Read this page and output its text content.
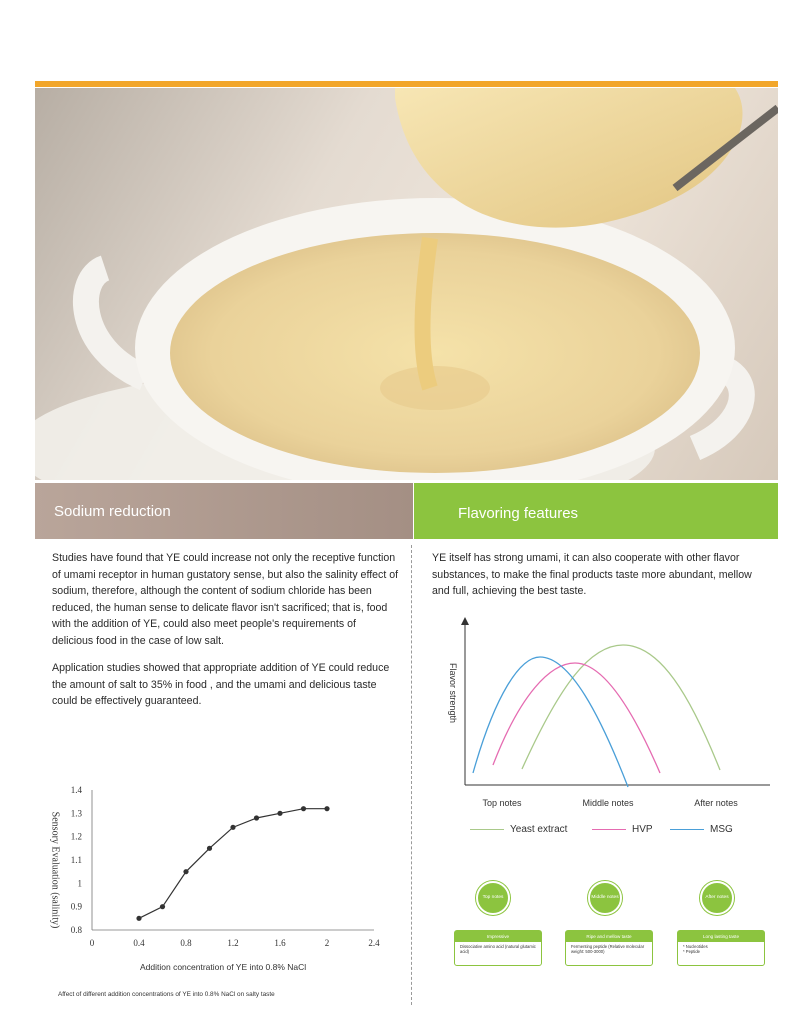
Sodium reduction	Flavoring features

Studies have found that YE could increase not only the receptive function of umami receptor in human gustatory sense, but also the salinity effect of sodium, therefore, although the content of sodium chloride has been reduced, the human sense to delicate flavor isn't sacrificed; that is, food with the addition of YE, could also meet people's requirements of delicious food in the case of low salt.

Application studies showed that appropriate addition of YE could reduce the amount of salt to 35% in food , and the umami and delicious taste could be effectively guaranteed.

YE itself has strong umami, it can also cooperate with other flavor substances, to make the final products taste more abundant, mellow and full, achieving the best taste.

Sensory Evaluation (salinity)
0	0.4	0.8	1.2	1.6	2	2.4
0.8
0.9
1
1.1
1.2
1.3
1.4
Addition concentration of YE into 0.8% NaCl
Affect of different addition concentrations of YE into 0.8% NaCl on salty taste
Flavor strength
Top notes	Middle notes	After notes
Yeast extract	HVP	MSG
Top notes	Middle notes	After notes
Impressive
Dissociative amino acid (natural glutamic acid)
Ripe and mellow taste
Fermenting peptide (Relative molecular weight: 500-3000)
Long lasting taste
* Nucleotides
* Peptide
